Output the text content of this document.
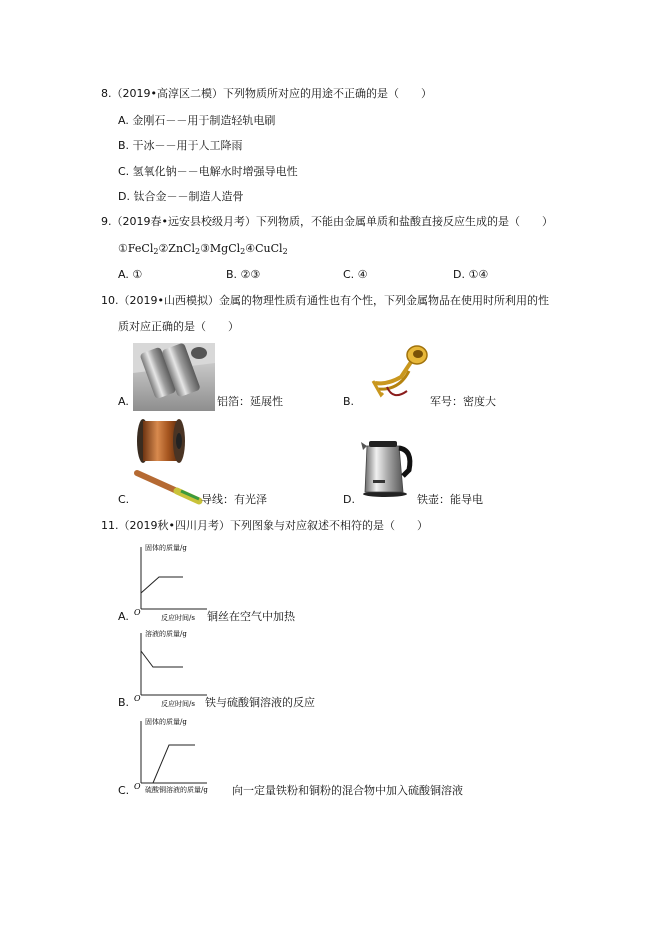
8.（2019•高淳区二模）下列物质所对应的用途不正确的是（　　）
A. 金刚石－－用于制造轻轨电刷
B. 干冰－－用于人工降雨
C. 氢氧化钠－－电解水时增强导电性
D. 钛合金－－制造人造骨
9.（2019春•远安县校级月考）下列物质，不能由金属单质和盐酸直接反应生成的是（　　）
①FeCl$_2$②ZnCl$_2$③MgCl$_2$④CuCl$_2$
A. ①	B. ②③	C. ④	D. ①④
10.（2019•山西模拟）金属的物理性质有通性也有个性，下列金属物品在使用时所利用的性
质对应正确的是（　　）
A.	铝箔：延展性	B.	军号：密度大
C.	导线：有光泽	D.	铁壶：能导电
11.（2019秋•四川月考）下列图象与对应叙述不相符的是（　　）
A.
固体的质量/g
O
反应时间/s 铜丝在空气中加热
B.
溶液的质量/g
O
反应时间/s 铁与硫酸铜溶液的反应
C.
固体的质量/g
O 硫酸铜溶液的质量/g 向一定量铁粉和铜粉的混合物中加入硫酸铜溶液
